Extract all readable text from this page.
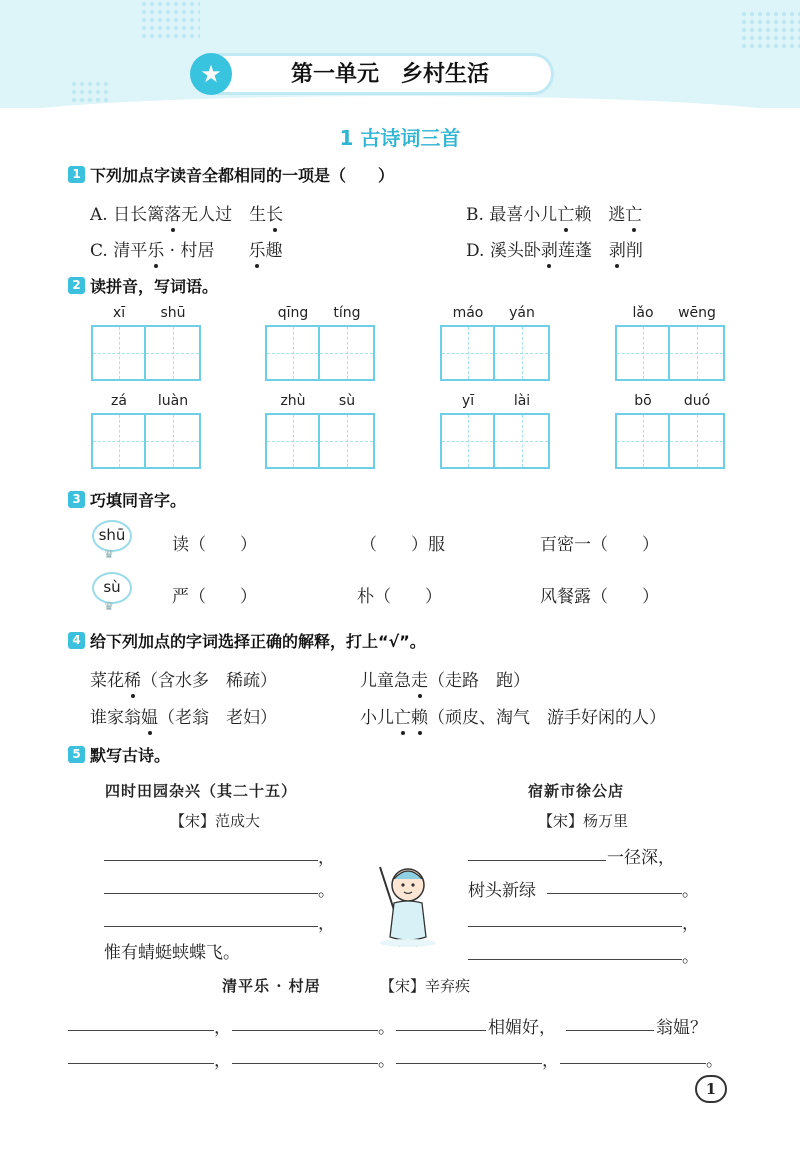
★	第一单元　乡村生活
1 古诗词三首
1 下列加点字读音全都相同的一项是（　　）
A. 日长篱落无人过　生长	B. 最喜小儿亡赖　逃亡
C. 清平乐 · 村居　　乐趣	D. 溪头卧剥莲蓬　剥削
2 读拼音，写词语。
xī	shū	qīng	tíng	máo	yán	lǎo	wēng
zá	luàn	zhù	sù	yī	lài	bō	duó
3 巧填同音字。
shū
♛	读（　　）	（　　）服	百密一（　　）
sù
♛	严（　　）	朴（　　）	风餐露（　　）
4 给下列加点的字词选择正确的解释，打上“√”。
菜花稀（含水多　稀疏）	儿童急走（走路　跑）
谁家翁媪（老翁　老妇）	小儿亡赖（顽皮、淘气　游手好闲的人）
5 默写古诗。
四时田园杂兴（其二十五）
【宋】范成大
，
。
，
惟有蜻蜓蛱蝶飞。
宿新市徐公店
【宋】杨万里
一径深，
树头新绿	。
，
。
清平乐 · 村居	【宋】辛弃疾
，	。	相媚好，	翁媪？
，	。	，	。
1
